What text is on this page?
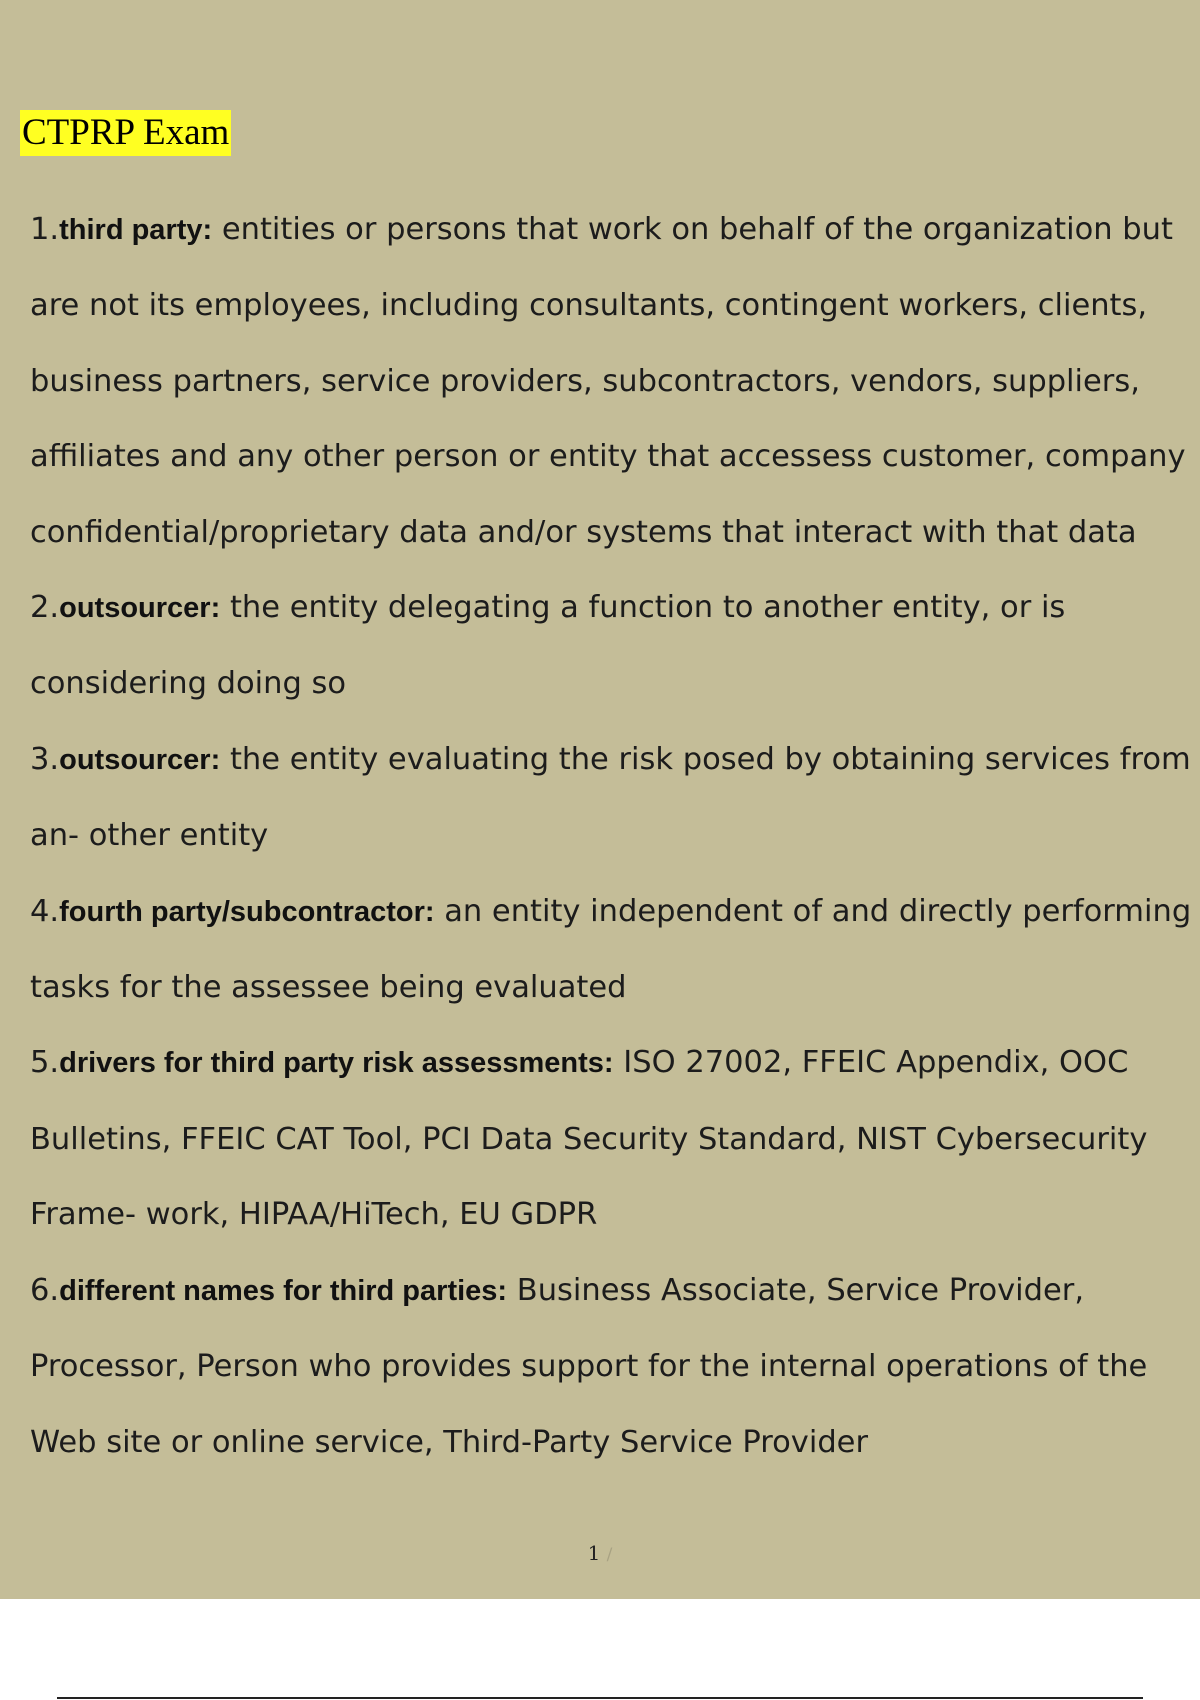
CTPRP Exam

1.third party: entities or persons that work on behalf of the organization but are not its employees, including consultants, contingent workers, clients, business partners, service providers, subcontractors, vendors, suppliers, affiliates and any other person or entity that accessess customer, company confidential/proprietary data and/or systems that interact with that data

2.outsourcer: the entity delegating a function to another entity, or is considering doing so

3.outsourcer: the entity evaluating the risk posed by obtaining services from an- other entity

4.fourth party/subcontractor: an entity independent of and directly performing tasks for the assessee being evaluated

5.drivers for third party risk assessments: ISO 27002, FFEIC Appendix, OOC Bulletins, FFEIC CAT Tool, PCI Data Security Standard, NIST Cybersecurity Frame- work, HIPAA/HiTech, EU GDPR

6.different names for third parties: Business Associate, Service Provider, Processor, Person who provides support for the internal operations of the Web site or online service, Third-Party Service Provider

1 /
